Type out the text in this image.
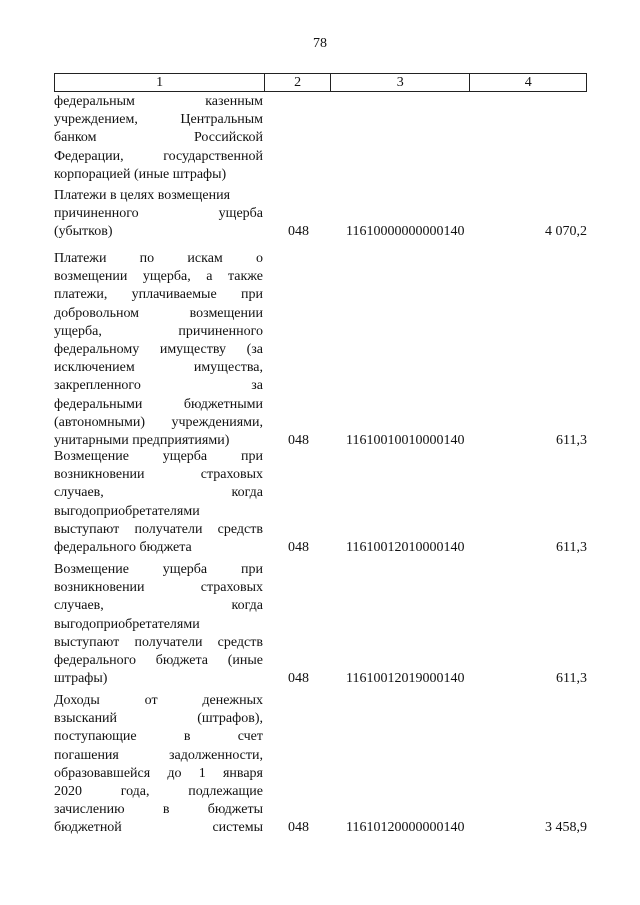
78
1	2	3	4
федеральным казенным
учреждением, Центральным
банком Российской
Федерации, государственной
корпорацией (иные штрафы)
Платежи в целях возмещения
причиненного ущерба
(убытков)	048	11610000000000140	4 070,2
Платежи по искам о
возмещении ущерба, а также
платежи, уплачиваемые при
добровольном возмещении
ущерба, причиненного
федеральному имуществу (за
исключением имущества,
закрепленного за
федеральными бюджетными
(автономными) учреждениями,
унитарными предприятиями)	048	11610010010000140	611,3
Возмещение ущерба при
возникновении страховых
случаев, когда
выгодоприобретателями
выступают получатели средств
федерального бюджета	048	11610012010000140	611,3
Возмещение ущерба при
возникновении страховых
случаев, когда
выгодоприобретателями
выступают получатели средств
федерального бюджета (иные
штрафы)	048	11610012019000140	611,3
Доходы от денежных
взысканий (штрафов),
поступающие в счет
погашения задолженности,
образовавшейся до 1 января
2020 года, подлежащие
зачислению в бюджеты
бюджетной системы 048	11610120000000140	3 458,9
